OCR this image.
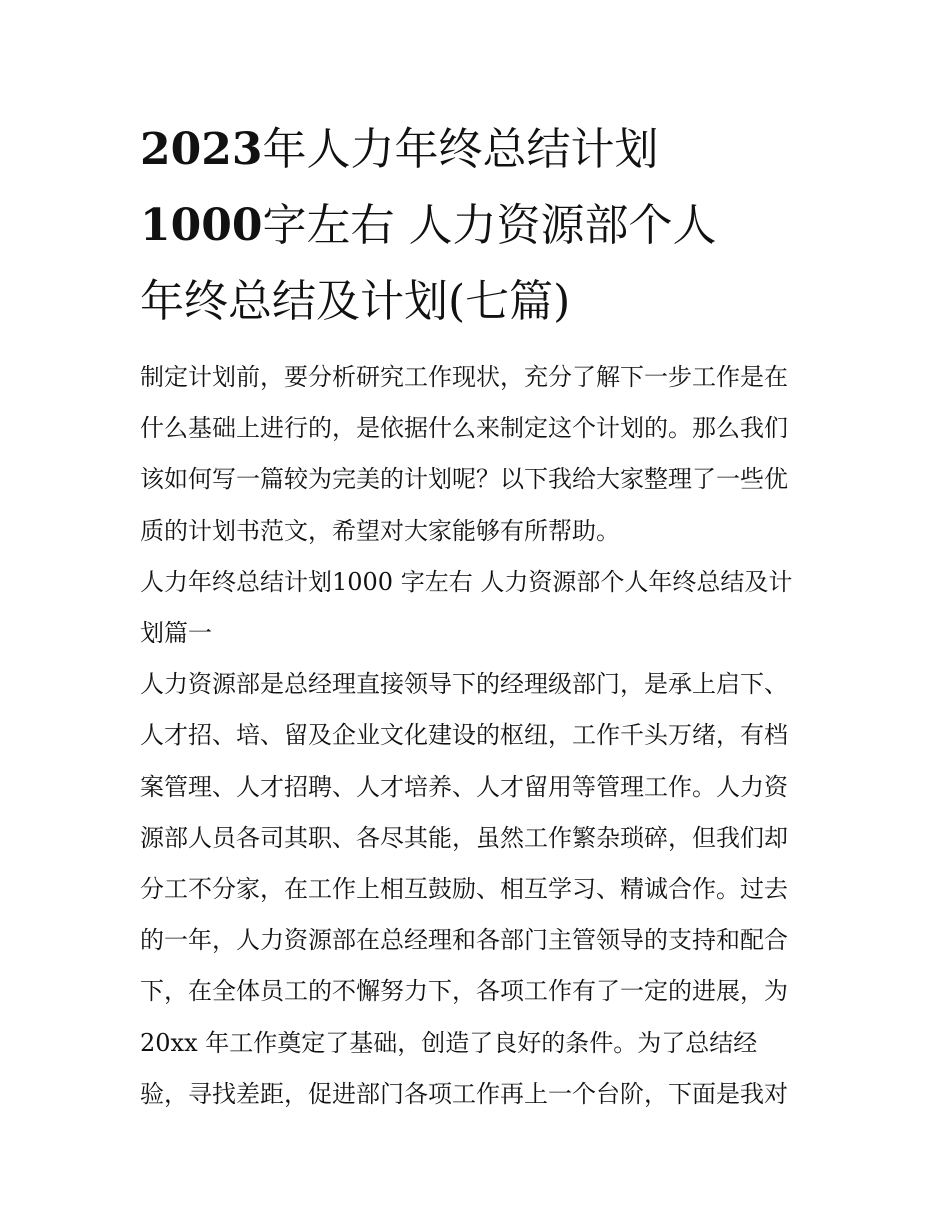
2023年人力年终总结计划
1000字左右 人力资源部个人
年终总结及计划(七篇)

制定计划前，要分析研究工作现状，充分了解下一步工作是在
什么基础上进行的，是依据什么来制定这个计划的。那么我们
该如何写一篇较为完美的计划呢？以下我给大家整理了一些优
质的计划书范文，希望对大家能够有所帮助。

人力年终总结计划1000 字左右 人力资源部个人年终总结及计
划篇一

人力资源部是总经理直接领导下的经理级部门，是承上启下、
人才招、培、留及企业文化建设的枢纽，工作千头万绪，有档
案管理、人才招聘、人才培养、人才留用等管理工作。人力资
源部人员各司其职、各尽其能，虽然工作繁杂琐碎，但我们却
分工不分家，在工作上相互鼓励、相互学习、精诚合作。过去
的一年，人力资源部在总经理和各部门主管领导的支持和配合
下，在全体员工的不懈努力下，各项工作有了一定的进展，为
20xx 年工作奠定了基础，创造了良好的条件。为了总结经
验，寻找差距，促进部门各项工作再上一个台阶，下面是我对
